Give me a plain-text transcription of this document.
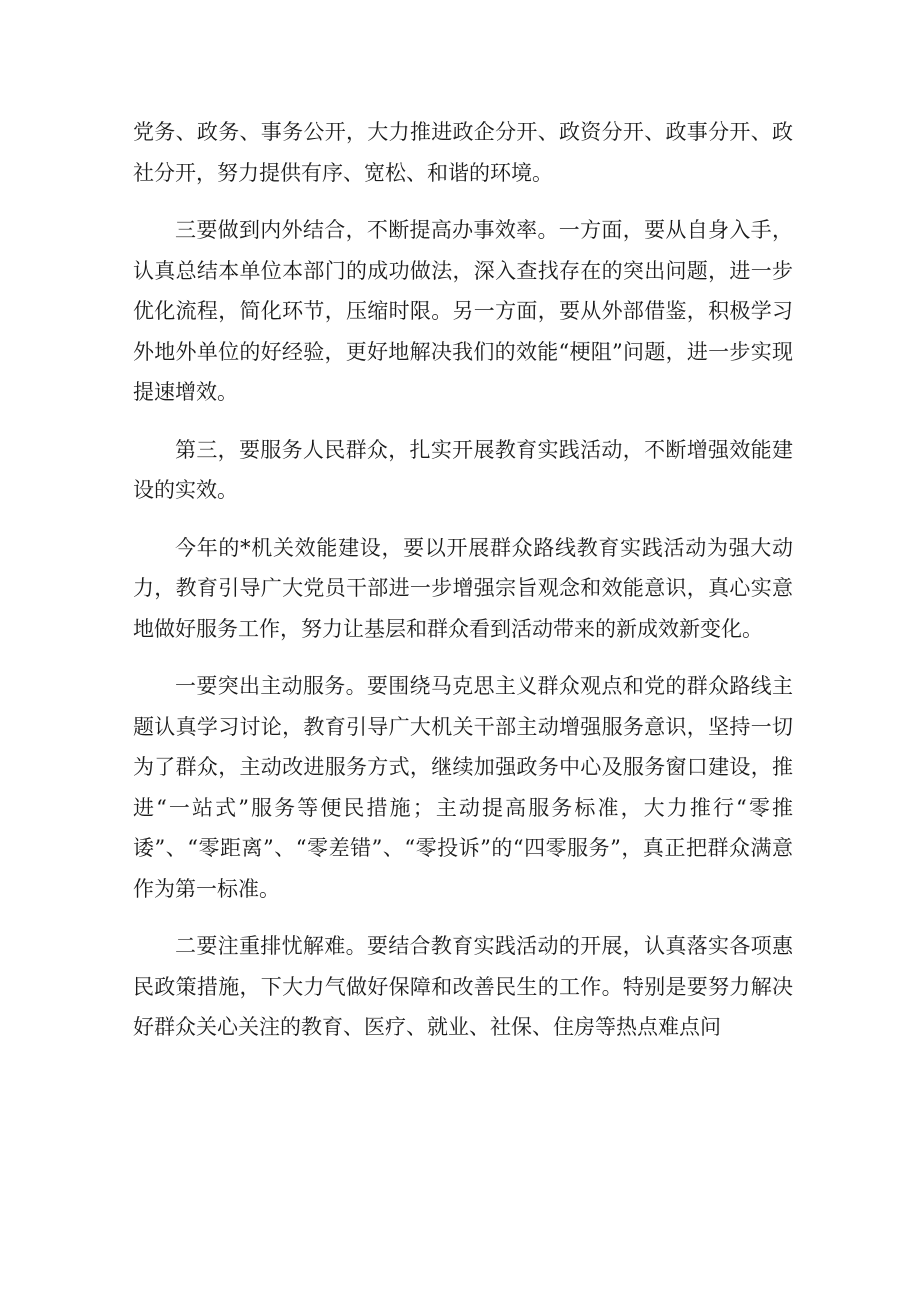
党务、政务、事务公开，大力推进政企分开、政资分开、政事分开、政社分开，努力提供有序、宽松、和谐的环境。

三要做到内外结合，不断提高办事效率。一方面，要从自身入手，认真总结本单位本部门的成功做法，深入查找存在的突出问题，进一步优化流程，简化环节，压缩时限。另一方面，要从外部借鉴，积极学习外地外单位的好经验，更好地解决我们的效能“梗阻”问题，进一步实现提速增效。

第三，要服务人民群众，扎实开展教育实践活动，不断增强效能建设的实效。

今年的*机关效能建设，要以开展群众路线教育实践活动为强大动力，教育引导广大党员干部进一步增强宗旨观念和效能意识，真心实意地做好服务工作，努力让基层和群众看到活动带来的新成效新变化。

一要突出主动服务。要围绕马克思主义群众观点和党的群众路线主题认真学习讨论，教育引导广大机关干部主动增强服务意识，坚持一切为了群众，主动改进服务方式，继续加强政务中心及服务窗口建设，推进“一站式”服务等便民措施；主动提高服务标准，大力推行“零推诿”、“零距离”、“零差错”、“零投诉”的“四零服务”，真正把群众满意作为第一标准。

二要注重排忧解难。要结合教育实践活动的开展，认真落实各项惠民政策措施，下大力气做好保障和改善民生的工作。特别是要努力解决好群众关心关注的教育、医疗、就业、社保、住房等热点难点问
